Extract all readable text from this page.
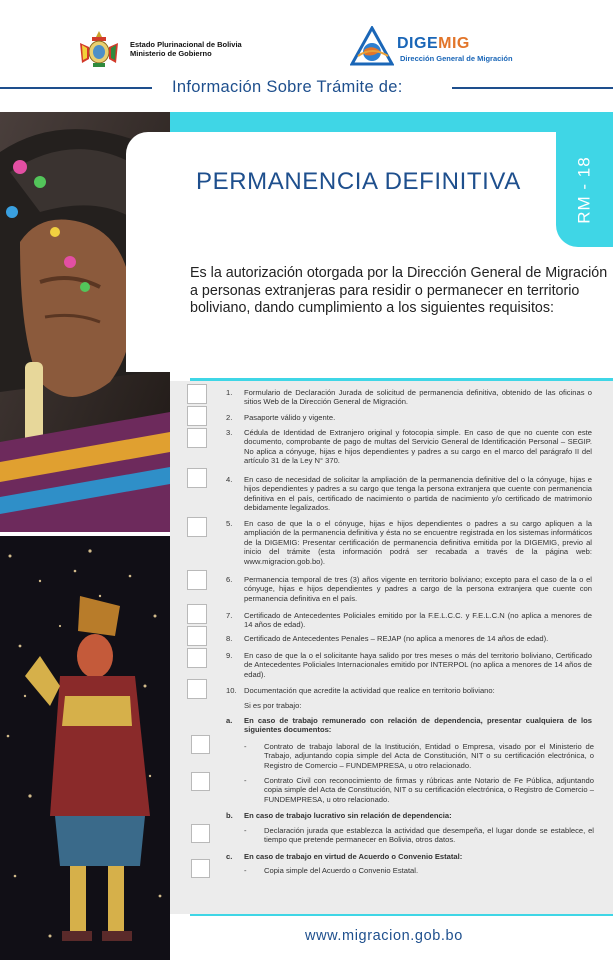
Estado Plurinacional de Bolivia
Ministerio de Gobierno
DIGEMIG
Dirección General de Migración
Información Sobre Trámite de:
RM - 18
PERMANENCIA DEFINITIVA
Es la autorización otorgada por la Dirección General de Migración a personas extranjeras para residir o permanecer en territorio boliviano, dando cumplimiento a los siguientes requisitos:
1. Formulario de Declaración Jurada de solicitud de permanencia definitiva, obtenido de las oficinas o sitios Web de la Dirección General de Migración.
2. Pasaporte válido y vigente.
3. Cédula de Identidad de Extranjero original y fotocopia simple. En caso de que no cuente con este documento, comprobante de pago de multas del Servicio General de Identificación Personal – SEGIP. No aplica a cónyuge, hijas e hijos dependientes y padres a su cargo en el marco del parágrafo II del artículo 31 de la Ley N° 370.
4. En caso de necesidad de solicitar la ampliación de la permanencia definitive del o la cónyuge, hijas e hijos dependientes y padres a su cargo que tenga la persona extranjera que cuente con permanencia definitiva en el país, certificado de nacimiento o partida de nacimiento y/o certificado de matrimonio debidamente legalizados.
5. En caso de que la o el cónyuge, hijas e hijos dependientes o padres a su cargo apliquen a la ampliación de la permanencia definitiva y ésta no se encuentre registrada en los sistemas informáticos de la DIGEMIG: Presentar certificación de permanencia definitiva emitida por la DIGEMIG, previo al inicio del trámite (esta información podrá ser recabada a través de la página web: www.migracion.gob.bo).
6. Permanencia temporal de tres (3) años vigente en territorio boliviano; excepto para el caso de la o el cónyuge, hijas e hijos dependientes y padres a cargo de la persona extranjera que cuente con permanencia definitiva en el país.
7. Certificado de Antecedentes Policiales emitido por la F.E.L.C.C. y F.E.L.C.N (no aplica a menores de 14 años de edad).
8. Certificado de Antecedentes Penales – REJAP (no aplica a menores de 14 años de edad).
9. En caso de que la o el solicitante haya salido por tres meses o más del territorio boliviano, Certificado de Antecedentes Policiales Internacionales emitido por INTERPOL (no aplica a menores de 14 años de edad).
10. Documentación que acredite la actividad que realice en territorio boliviano:
Si es por trabajo:
a. En caso de trabajo remunerado con relación de dependencia, presentar cualquiera de los siguientes documentos:
- Contrato de trabajo laboral de la Institución, Entidad o Empresa, visado por el Ministerio de Trabajo, adjuntando copia simple del Acta de Constitución, NIT o su certificación electrónica, o Registro de Comercio – FUNDEMPRESA, u otro relacionado.
- Contrato Civil con reconocimiento de firmas y rúbricas ante Notario de Fe Pública, adjuntando copia simple del Acta de Constitución, NIT o su certificación electrónica, o Registro de Comercio – FUNDEMPRESA, u otro relacionado.
b. En caso de trabajo lucrativo sin relación de dependencia:
- Declaración jurada que establezca la actividad que desempeña, el lugar donde se establece, el tiempo que pretende permanecer en Bolivia, otros datos.
c. En caso de trabajo en virtud de Acuerdo o Convenio Estatal:
- Copia simple del Acuerdo o Convenio Estatal.
www.migracion.gob.bo
